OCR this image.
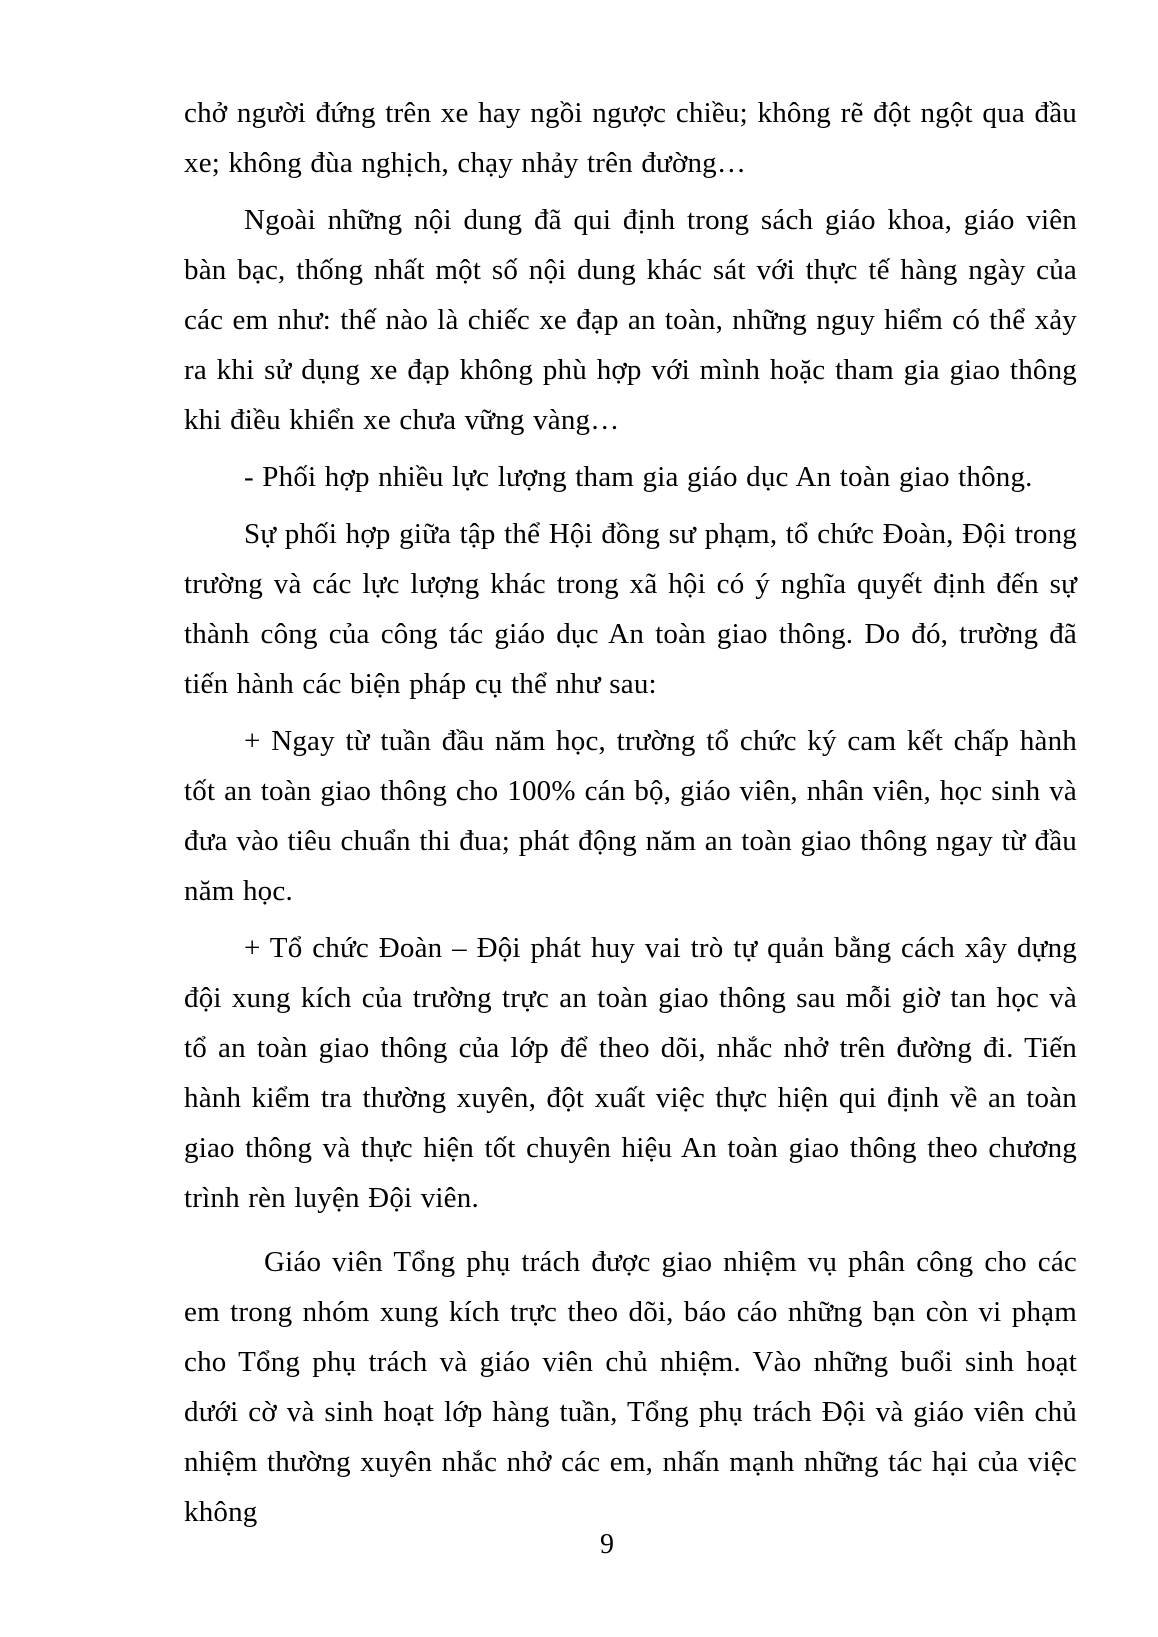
chở người đứng trên xe hay ngồi ngược chiều; không rẽ đột ngột qua đầu xe; không đùa nghịch, chạy nhảy trên đường…

Ngoài những nội dung đã qui định trong sách giáo khoa, giáo viên bàn bạc, thống nhất một số nội dung khác sát với thực tế hàng ngày của các em như: thế nào là chiếc xe đạp an toàn, những nguy hiểm có thể xảy ra khi sử dụng xe đạp không phù hợp với mình hoặc tham gia giao thông khi điều khiển xe chưa vững vàng…

- Phối hợp nhiều lực lượng tham gia giáo dục An toàn giao thông.

Sự phối hợp giữa tập thể Hội đồng sư phạm, tổ chức Đoàn, Đội trong trường và các lực lượng khác trong xã hội có ý nghĩa quyết định đến sự thành công của công tác giáo dục An toàn giao thông. Do đó, trường đã tiến hành các biện pháp cụ thể như sau:

+ Ngay từ tuần đầu năm học, trường tổ chức ký cam kết chấp hành tốt an toàn giao thông cho 100% cán bộ, giáo viên, nhân viên, học sinh và đưa vào tiêu chuẩn thi đua; phát động năm an toàn giao thông ngay từ đầu năm học.

+ Tổ chức Đoàn – Đội phát huy vai trò tự quản bằng cách xây dựng đội xung kích của trường trực an toàn giao thông sau mỗi giờ tan học và tổ an toàn giao thông của lớp để theo dõi, nhắc nhở trên đường đi. Tiến hành kiểm tra thường xuyên, đột xuất việc thực hiện qui định về an toàn giao thông và thực hiện tốt chuyên hiệu An toàn giao thông theo chương trình rèn luyện Đội viên.

Giáo viên Tổng phụ trách được giao nhiệm vụ phân công cho các em trong nhóm xung kích trực theo dõi, báo cáo những bạn còn vi phạm cho Tổng phụ trách và giáo viên chủ nhiệm. Vào những buổi sinh hoạt dưới cờ và sinh hoạt lớp hàng tuần, Tổng phụ trách Đội và giáo viên chủ nhiệm thường xuyên nhắc nhở các em, nhấn mạnh những tác hại của việc không

9
